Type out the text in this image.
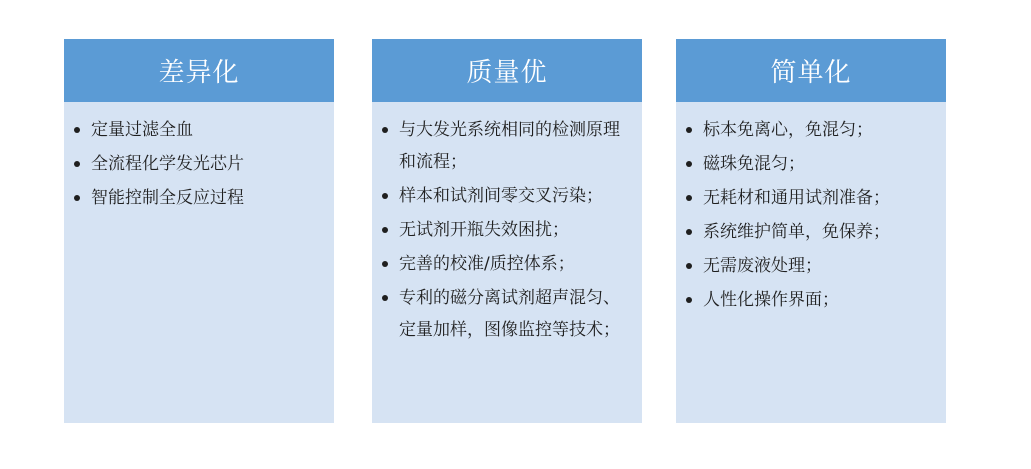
差异化
定量过滤全血
全流程化学发光芯片
智能控制全反应过程
质量优
与大发光系统相同的检测原理和流程；
样本和试剂间零交叉污染；
无试剂开瓶失效困扰；
完善的校准/质控体系；
专利的磁分离试剂超声混匀、定量加样，图像监控等技术；
简单化
标本免离心，免混匀；
磁珠免混匀；
无耗材和通用试剂准备；
系统维护简单，免保养；
无需废液处理；
人性化操作界面；
